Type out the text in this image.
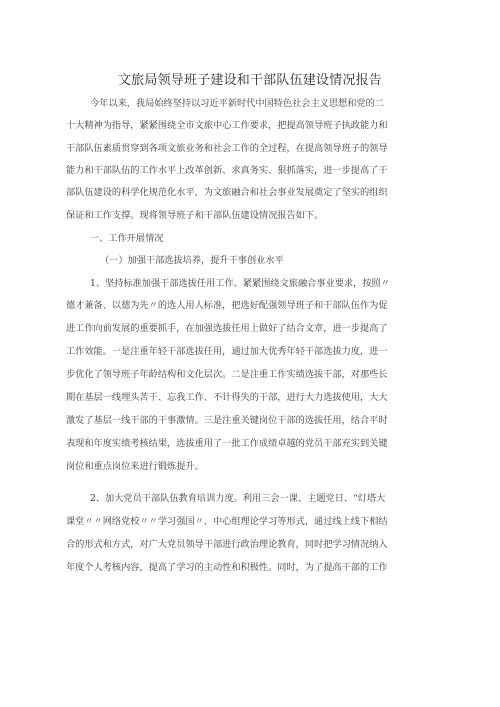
文旅局领导班子建设和干部队伍建设情况报告
今年以来，我局始终坚持以习近平新时代中国特色社会主义思想和党的二
十大精神为指导，紧紧围绕全市文旅中心工作要求，把提高领导班子执政能力和
干部队伍素质贯穿到各项文旅业务和社会工作的全过程，在提高领导班子的领导
能力和干部队伍的工作水平上改革创新、求真务实、狠抓落实，进一步提高了干
部队伍建设的科学化规范化水平，为文旅融合和社会事业发展奠定了坚实的组织
保证和工作支撑。现将领导班子和干部队伍建设情况报告如下。
一、工作开展情况
（一）加强干部选拔培养，提升干事创业水平
1、坚持标准加强干部选拔任用工作。紧紧围绕文旅融合事业要求，按照〃
德才兼备、以德为先〃的选人用人标准，把选好配强领导班子和干部队伍作为促
进工作向前发展的重要抓手，在加强选拔任用上做好了结合文章，进一步提高了
工作效能。一是注重年轻干部选拔任用，通过加大优秀年轻干部选拔力度，进一
步优化了领导班子年龄结构和文化层次。二是注重工作实绩选拔干部，对那些长
期在基层一线埋头苦干、忘我工作、不计得失的干部，进行大力选拔使用，大大
激发了基层一线干部的干事激情。三是注重关键岗位干部的选拔任用，结合平时
表现和年度实绩考核结果，选拔重用了一批工作成绩卓越的党员干部充实到关键
岗位和重点岗位来进行锻炼提升。
2、加大党员干部队伍教育培训力度。利用三会一课、主题党日、“灯塔大
课堂〃〃网络党校〃〃学习强国〃、中心组理论学习等形式，通过线上线下相结
合的形式和方式，对广大党员领导干部进行政治理论教育，同时把学习情况纳入
年度个人考核内容，提高了学习的主动性和积极性。同时，为了提高干部的工作
